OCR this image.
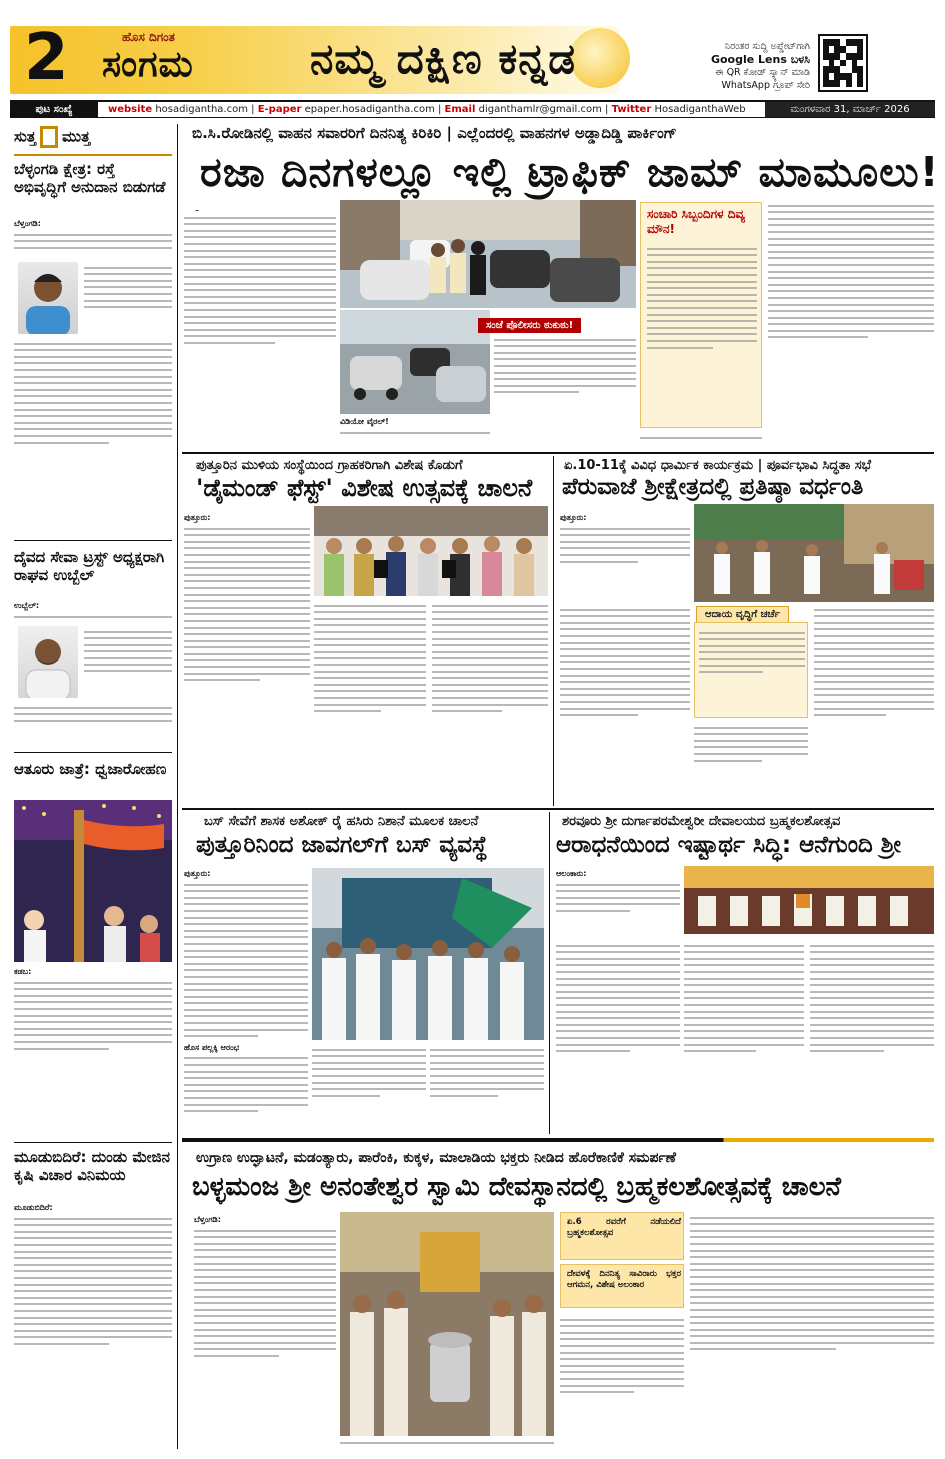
2	ಹೊಸ ದಿಗಂತ
ಸಂಗಮ	ನಮ್ಮ ದಕ್ಷಿಣ ಕನ್ನಡ	ನಿರಂತರ ಸುದ್ದಿ ಅಪ್ಡೇಟ್‌ಗಾಗಿ
Google Lens ಬಳಸಿ
ಈ QR ಕೋಡ್ ಸ್ಕ್ಯಾನ್ ಮಾಡಿ
WhatsApp ಗ್ರೂಪ್ ಸೇರಿ
ಪುಟ ಸಂಖ್ಯೆ	website hosadigantha.com | E-paper epaper.hosadigantha.com | Email diganthamlr@gmail.com | Twitter HosadiganthaWeb	ಮಂಗಳವಾರ 31, ಮಾರ್ಚ್ 2026
ಸುತ್ತ ಮುತ್ತ
ಬೆಳ್ಳಂಗಡಿ ಕ್ಷೇತ್ರ: ರಸ್ತೆ ಅಭಿವೃದ್ಧಿಗೆ ಅನುದಾನ ಬಿಡುಗಡೆ
ಬೆಳ್ತಂಗಡಿ:
ದೈವದ ಸೇವಾ ಟ್ರಸ್ಟ್ ಅಧ್ಯಕ್ಷರಾಗಿ ರಾಘವ ಉಬ್ಬೆಲ್
ಉಬ್ಬೆಲ್:
ಆತೂರು ಜಾತ್ರೆ: ಧ್ವಜಾರೋಹಣ
ಕಡಬ:
ಮೂಡುಬಿದಿರೆ: ದುಂಡು ಮೇಜಿನ ಕೃಷಿ ವಿಚಾರ ವಿನಿಮಯ
ಮೂಡುಬಿದಿರೆ:
ಬಿ.ಸಿ.ರೋಡಿನಲ್ಲಿ ವಾಹನ ಸವಾರರಿಗೆ ದಿನನಿತ್ಯ ಕಿರಿಕಿರಿ | ಎಲ್ಲೆಂದರಲ್ಲಿ ವಾಹನಗಳ ಅಡ್ಡಾದಿಡ್ಡಿ ಪಾರ್ಕಿಂಗ್
ರಜಾ ದಿನಗಳಲ್ಲೂ ಇಲ್ಲಿ ಟ್ರಾಫಿಕ್ ಜಾಮ್ ಮಾಮೂಲು!
ಸಂಜೆ ಪೊಲೀಸರು ಠುಕುಠು!
ವಿಡಿಯೋ ವೈರಲ್!
ಸಂಚಾರಿ ಸಿಬ್ಬಂದಿಗಳ ದಿವ್ಯ ಮೌನ!
ಪುತ್ತೂರಿನ ಮುಳಿಯ ಸಂಸ್ಥೆಯಿಂದ ಗ್ರಾಹಕರಿಗಾಗಿ ವಿಶೇಷ ಕೊಡುಗೆ
'ಡೈಮಂಡ್ ಫೆಸ್ಟ್' ವಿಶೇಷ ಉತ್ಸವಕ್ಕೆ ಚಾಲನೆ
ಪುತ್ತೂರು:
ಏ.10-11ಕ್ಕೆ ವಿವಿಧ ಧಾರ್ಮಿಕ ಕಾರ್ಯಕ್ರಮ | ಪೂರ್ವಭಾವಿ ಸಿದ್ಧತಾ ಸಭೆ
ಪೆರುವಾಜೆ ಶ್ರೀಕ್ಷೇತ್ರದಲ್ಲಿ ಪ್ರತಿಷ್ಠಾ ವರ್ಧಂತಿ
ಪುತ್ತೂರು:
ಆದಾಯ ವೃದ್ಧಿಗೆ ಚರ್ಚೆ
ಬಸ್ ಸೇವೆಗೆ ಶಾಸಕ ಅಶೋಕ್ ರೈ ಹಸಿರು ನಿಶಾನೆ ಮೂಲಕ ಚಾಲನೆ
ಪುತ್ತೂರಿನಿಂದ ಜಾವಗಲ್‌ಗೆ ಬಸ್ ವ್ಯವಸ್ಥೆ
ಪುತ್ತೂರು:
ಹೊಸ ಪಲ್ಲಕ್ಕಿ ಆರಂಭ
ಶರವೂರು ಶ್ರೀ ದುರ್ಗಾಪರಮೇಶ್ವರೀ ದೇವಾಲಯದ ಬ್ರಹ್ಮಕಲಶೋತ್ಸವ
ಆರಾಧನೆಯಿಂದ ಇಷ್ಟಾರ್ಥ ಸಿದ್ಧಿ: ಆನೆಗುಂದಿ ಶ್ರೀ
ಆಲಂಕಾರು:
ಉಗ್ರಾಣ ಉದ್ಘಾಟನೆ, ಮಡಂತ್ಯಾರು, ಪಾರೆಂಕಿ, ಕುಕ್ಕಳ, ಮಾಲಾಡಿಯ ಭಕ್ತರು ನೀಡಿದ ಹೊರೆಕಾಣಿಕೆ ಸಮರ್ಪಣೆ
ಬಳ್ಳಮಂಜ ಶ್ರೀ ಅನಂತೇಶ್ವರ ಸ್ವಾಮಿ ದೇವಸ್ಥಾನದಲ್ಲಿ ಬ್ರಹ್ಮಕಲಶೋತ್ಸವಕ್ಕೆ ಚಾಲನೆ
ಬೆಳ್ತಂಗಡಿ:	ಏ.6 ರವರೆಗೆ ನಡೆಯಲಿದೆ ಬ್ರಹ್ಮಕಲಶೋತ್ಸವ
ದೇವಳಕ್ಕೆ ದಿನನಿತ್ಯ ಸಾವಿರಾರು ಭಕ್ತರ ಆಗಮನ, ವಿಶೇಷ ಅಲಂಕಾರ
